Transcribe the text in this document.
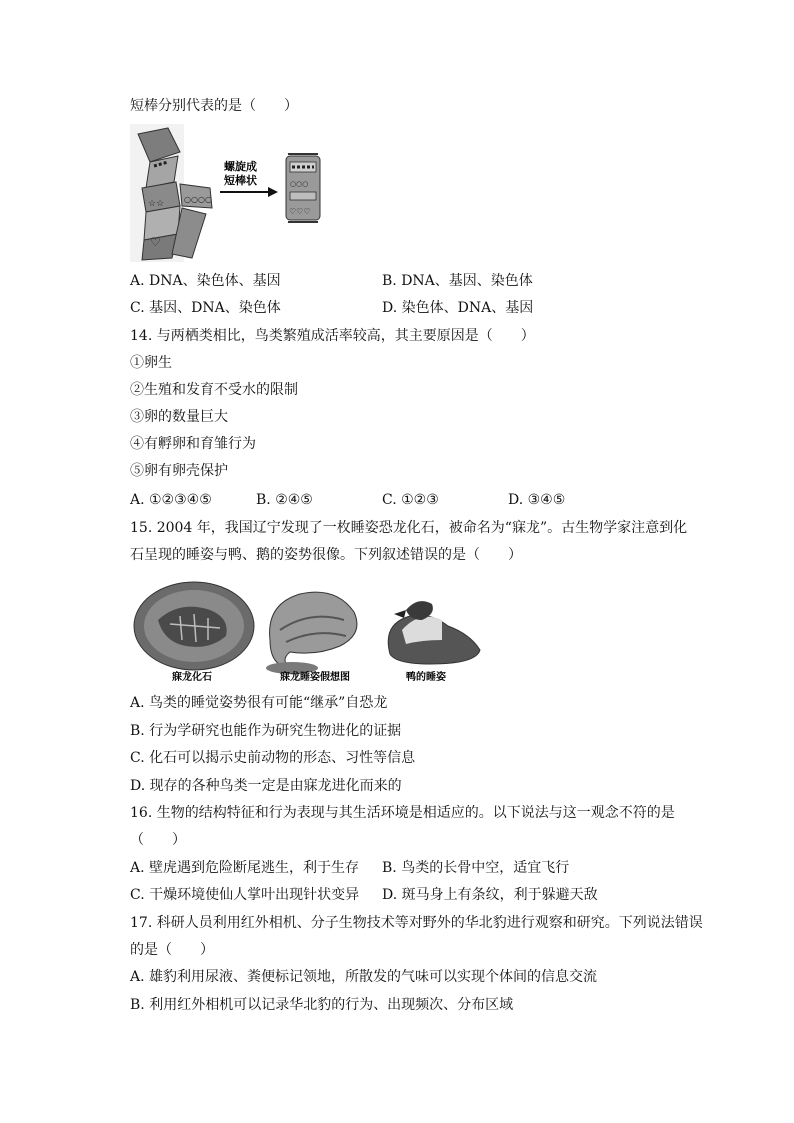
短棒分别代表的是（　　）
☆☆
♡
○○○○
螺旋成
短棒状	○○○
♡♡♡
A. DNA、染色体、基因	B. DNA、基因、染色体
C. 基因、DNA、染色体	D. 染色体、DNA、基因
14. 与两栖类相比，鸟类繁殖成活率较高，其主要原因是（　　）
①卵生
②生殖和发育不受水的限制
③卵的数量巨大
④有孵卵和育雏行为
⑤卵有卵壳保护
A. ①②③④⑤	B. ②④⑤	C. ①②③	D. ③④⑤
15. 2004 年，我国辽宁发现了一枚睡姿恐龙化石，被命名为“寐龙”。古生物学家注意到化
石呈现的睡姿与鸭、鹅的姿势很像。下列叙述错误的是（　　）
寐龙化石	寐龙睡姿假想图	鸭的睡姿
A. 鸟类的睡觉姿势很有可能“继承”自恐龙
B. 行为学研究也能作为研究生物进化的证据
C. 化石可以揭示史前动物的形态、习性等信息
D. 现存的各种鸟类一定是由寐龙进化而来的
16. 生物的结构特征和行为表现与其生活环境是相适应的。以下说法与这一观念不符的是
（　　）
A. 壁虎遇到危险断尾逃生，利于生存 B. 鸟类的长骨中空，适宜飞行
C. 干燥环境使仙人掌叶出现针状变异 D. 斑马身上有条纹，利于躲避天敌
17. 科研人员利用红外相机、分子生物技术等对野外的华北豹进行观察和研究。下列说法错误
的是（　　）
A. 雄豹利用尿液、粪便标记领地，所散发的气味可以实现个体间的信息交流
B. 利用红外相机可以记录华北豹的行为、出现频次、分布区域
